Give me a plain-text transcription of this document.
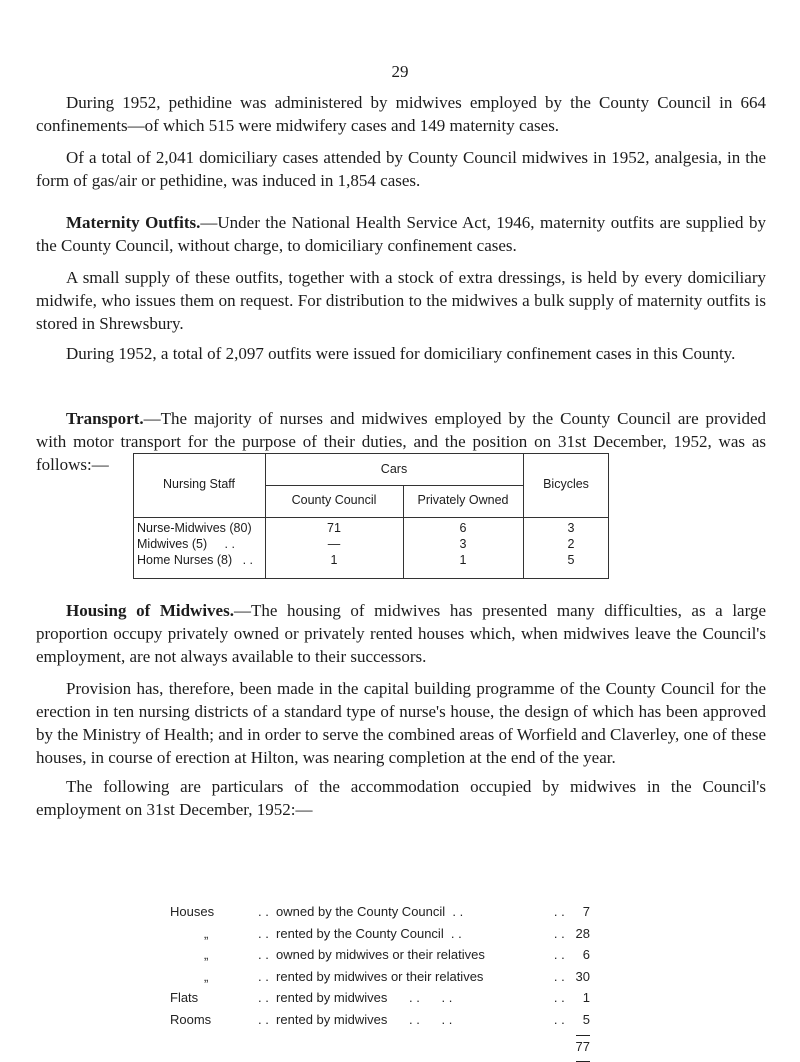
29

During 1952, pethidine was administered by midwives employed by the County Council in 664 confinements—of which 515 were midwifery cases and 149 maternity cases.

Of a total of 2,041 domiciliary cases attended by County Council midwives in 1952, analgesia, in the form of gas/air or pethidine, was induced in 1,854 cases.

Maternity Outfits.—Under the National Health Service Act, 1946, maternity outfits are supplied by the County Council, without charge, to domiciliary confinement cases.

A small supply of these outfits, together with a stock of extra dressings, is held by every domiciliary midwife, who issues them on request. For distribution to the midwives a bulk supply of maternity outfits is stored in Shrewsbury.

During 1952, a total of 2,097 outfits were issued for domiciliary confinement cases in this County.

Transport.—The majority of nurses and midwives employed by the County Council are provided with motor transport for the purpose of their duties, and the position on 31st December, 1952, was as follows:—

Nursing Staff
Cars
County Council	Privately Owned
Bicycles
Nurse-Midwives (80)	71	6	3
Midwives (5)     . .	—	3	2
Home Nurses (8)   . .	1	1	5

Housing of Midwives.—The housing of midwives has presented many difficulties, as a large proportion occupy privately owned or privately rented houses which, when midwives leave the Council's employment, are not always available to their successors.

Provision has, therefore, been made in the capital building programme of the County Council for the erection in ten nursing districts of a standard type of nurse's house, the design of which has been approved by the Ministry of Health; and in order to serve the combined areas of Worfield and Claverley, one of these houses, in course of erection at Hilton, was nearing completion at the end of the year.

The following are particulars of the accommodation occupied by midwives in the Council's employment on 31st December, 1952:—

Houses	. .  owned by the County Council  . .	. .     7
„	. .  rented by the County Council  . .	. .   28
„	. .  owned by midwives or their relatives	. .     6
„	. .  rented by midwives or their relatives	. .   30
Flats	. .  rented by midwives      . .      . .	. .     1
Rooms	. .  rented by midwives      . .      . .	. .     5
77
